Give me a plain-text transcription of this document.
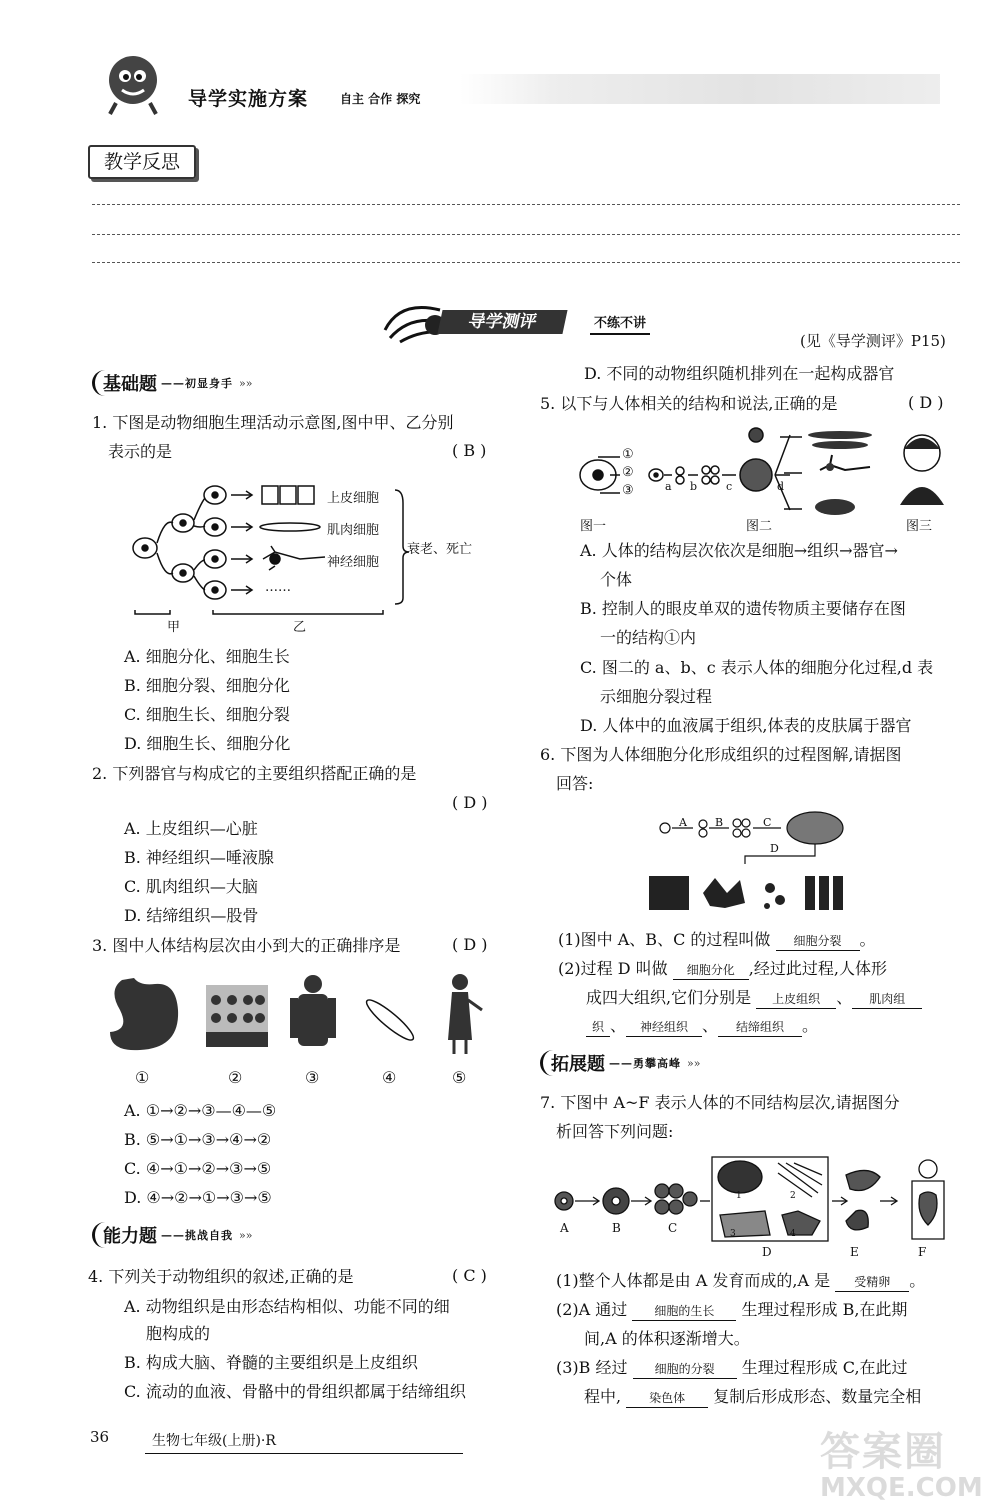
导学实施方案	自主 合作 探究
教学反思
导学测评	不练不讲
(见《导学测评》P15)
基础题 ——初显身手 »»
1. 下图是动物细胞生理活动示意图,图中甲、乙分别
表示的是	( B )
上皮细胞
肌肉细胞
神经细胞
……
衰老、死亡
甲	乙
A. 细胞分化、细胞生长
B. 细胞分裂、细胞分化
C. 细胞生长、细胞分裂
D. 细胞生长、细胞分化
2. 下列器官与构成它的主要组织搭配正确的是
( D )
A. 上皮组织—心脏
B. 神经组织—唾液腺
C. 肌肉组织—大脑
D. 结缔组织—股骨
3. 图中人体结构层次由小到大的正确排序是	( D )
①	②	③	④	⑤
A. ①→②→③—④—⑤
B. ⑤→①→③→④→②
C. ④→①→②→③→⑤
D. ④→②→①→③→⑤
能力题 ——挑战自我 »»
4. 下列关于动物组织的叙述,正确的是	( C )
A. 动物组织是由形态结构相似、功能不同的细
胞构成的
B. 构成大脑、脊髓的主要组织是上皮组织
C. 流动的血液、骨骼中的骨组织都属于结缔组织
D. 不同的动物组织随机排列在一起构成器官
5. 以下与人体相关的结构和说法,正确的是	( D )
①
②
③	a b	c	d
图一	图二	图三
A. 人体的结构层次依次是细胞→组织→器官→
个体
B. 控制人的眼皮单双的遗传物质主要储存在图
一的结构①内
C. 图二的 a、b、c 表示人体的细胞分化过程,d 表
示细胞分裂过程
D. 人体中的血液属于组织,体表的皮肤属于器官
6. 下图为人体细胞分化形成组织的过程图解,请据图
回答:
A	B	C
D
(1)图中 A、B、C 的过程叫做 细胞分裂 。
(2)过程 D 叫做 细胞分化 ,经过此过程,人体形
成四大组织,它们分别是 上皮组织 、 肌肉组
织 、 神经组织 、 结缔组织 。
拓展题 ——勇攀高峰 »»
7. 下图中 A~F 表示人体的不同结构层次,请据图分
析回答下列问题:
A	B	C
D	E	F
1	2
3	4
(1)整个人体都是由 A 发育而成的,A 是 受精卵 。
(2)A 通过 细胞的生长 生理过程形成 B,在此期
间,A 的体积逐渐增大。
(3)B 经过 细胞的分裂 生理过程形成 C,在此过
程中, 染色体 复制后形成形态、数量完全相
36	生物七年级(上册)·R	答案圈
MXQE.COM
